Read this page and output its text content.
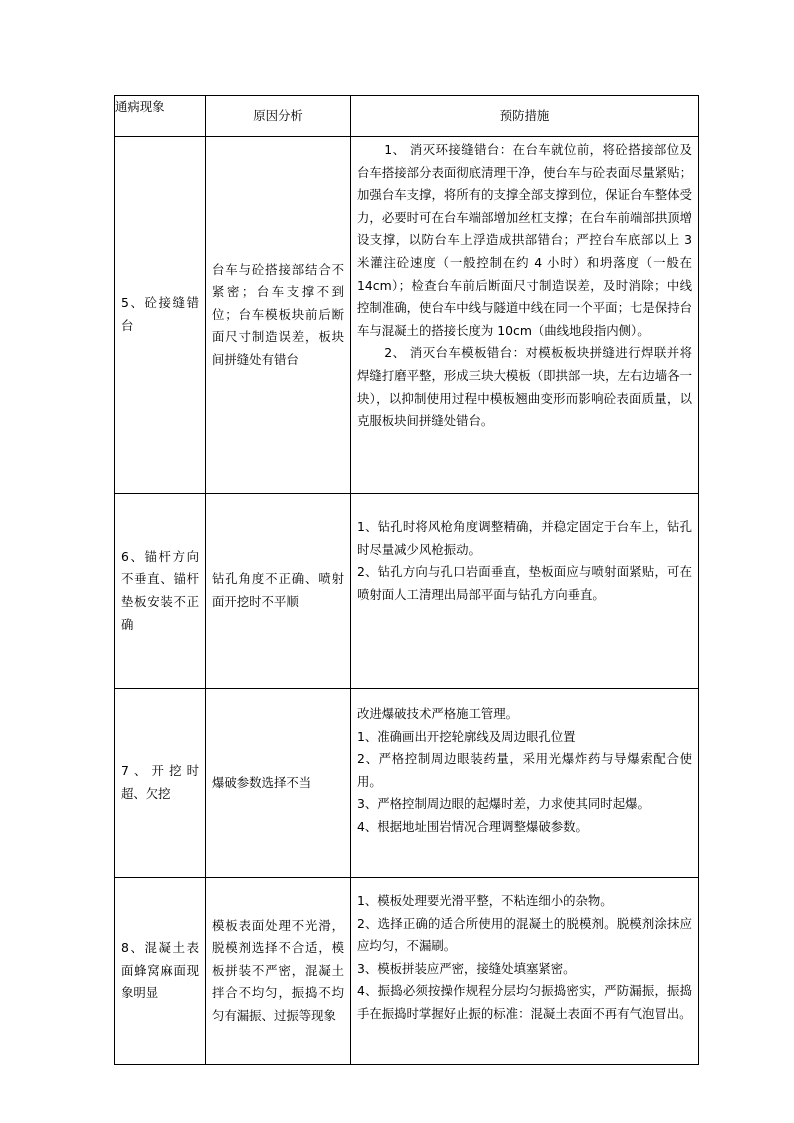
通病现象	原因分析	预防措施
5、砼接缝错台	台车与砼搭接部结合不紧密；台车支撑不到位；台车模板块前后断面尺寸制造误差，板块间拼缝处有错台	1、 消灭环接缝错台：在台车就位前，将砼搭接部位及台车搭接部分表面彻底清理干净，使台车与砼表面尽量紧贴；加强台车支撑，将所有的支撑全部支撑到位，保证台车整体受力，必要时可在台车端部增加丝杠支撑；在台车前端部拱顶增设支撑，以防台车上浮造成拱部错台；严控台车底部以上 3 米灌注砼速度（一般控制在约 4 小时）和坍落度（一般在 14cm）；检查台车前后断面尺寸制造误差，及时消除；中线控制准确，使台车中线与隧道中线在同一个平面；七是保持台车与混凝土的搭接长度为 10cm（曲线地段指内侧）。

2、 消灭台车模板错台：对模板板块拼缝进行焊联并将焊缝打磨平整，形成三块大模板（即拱部一块，左右边墙各一块），以抑制使用过程中模板翘曲变形而影响砼表面质量，以克服板块间拼缝处错台。

6、锚杆方向不垂直、锚杆垫板安装不正确	钻孔角度不正确、喷射面开挖时不平顺	1、钻孔时将风枪角度调整精确，并稳定固定于台车上，钻孔时尽量减少风枪振动。

2、钻孔方向与孔口岩面垂直，垫板面应与喷射面紧贴，可在喷射面人工清理出局部平面与钻孔方向垂直。

7、开挖时超、欠挖	爆破参数选择不当	改进爆破技术严格施工管理。

1、准确画出开挖轮廓线及周边眼孔位置

2、严格控制周边眼装药量，采用光爆炸药与导爆索配合使用。

3、严格控制周边眼的起爆时差，力求使其同时起爆。

4、根据地址围岩情况合理调整爆破参数。

8、混凝土表面蜂窝麻面现象明显	模板表面处理不光滑，脱模剂选择不合适，模板拼装不严密，混凝土拌合不均匀，振捣不均匀有漏振、过振等现象	1、模板处理要光滑平整，不粘连细小的杂物。

2、选择正确的适合所使用的混凝土的脱模剂。脱模剂涂抹应应均匀，不漏刷。

3、模板拼装应严密，接缝处填塞紧密。

4、振捣必须按操作规程分层均匀振捣密实，严防漏振，振捣手在振捣时掌握好止振的标准：混凝土表面不再有气泡冒出。
